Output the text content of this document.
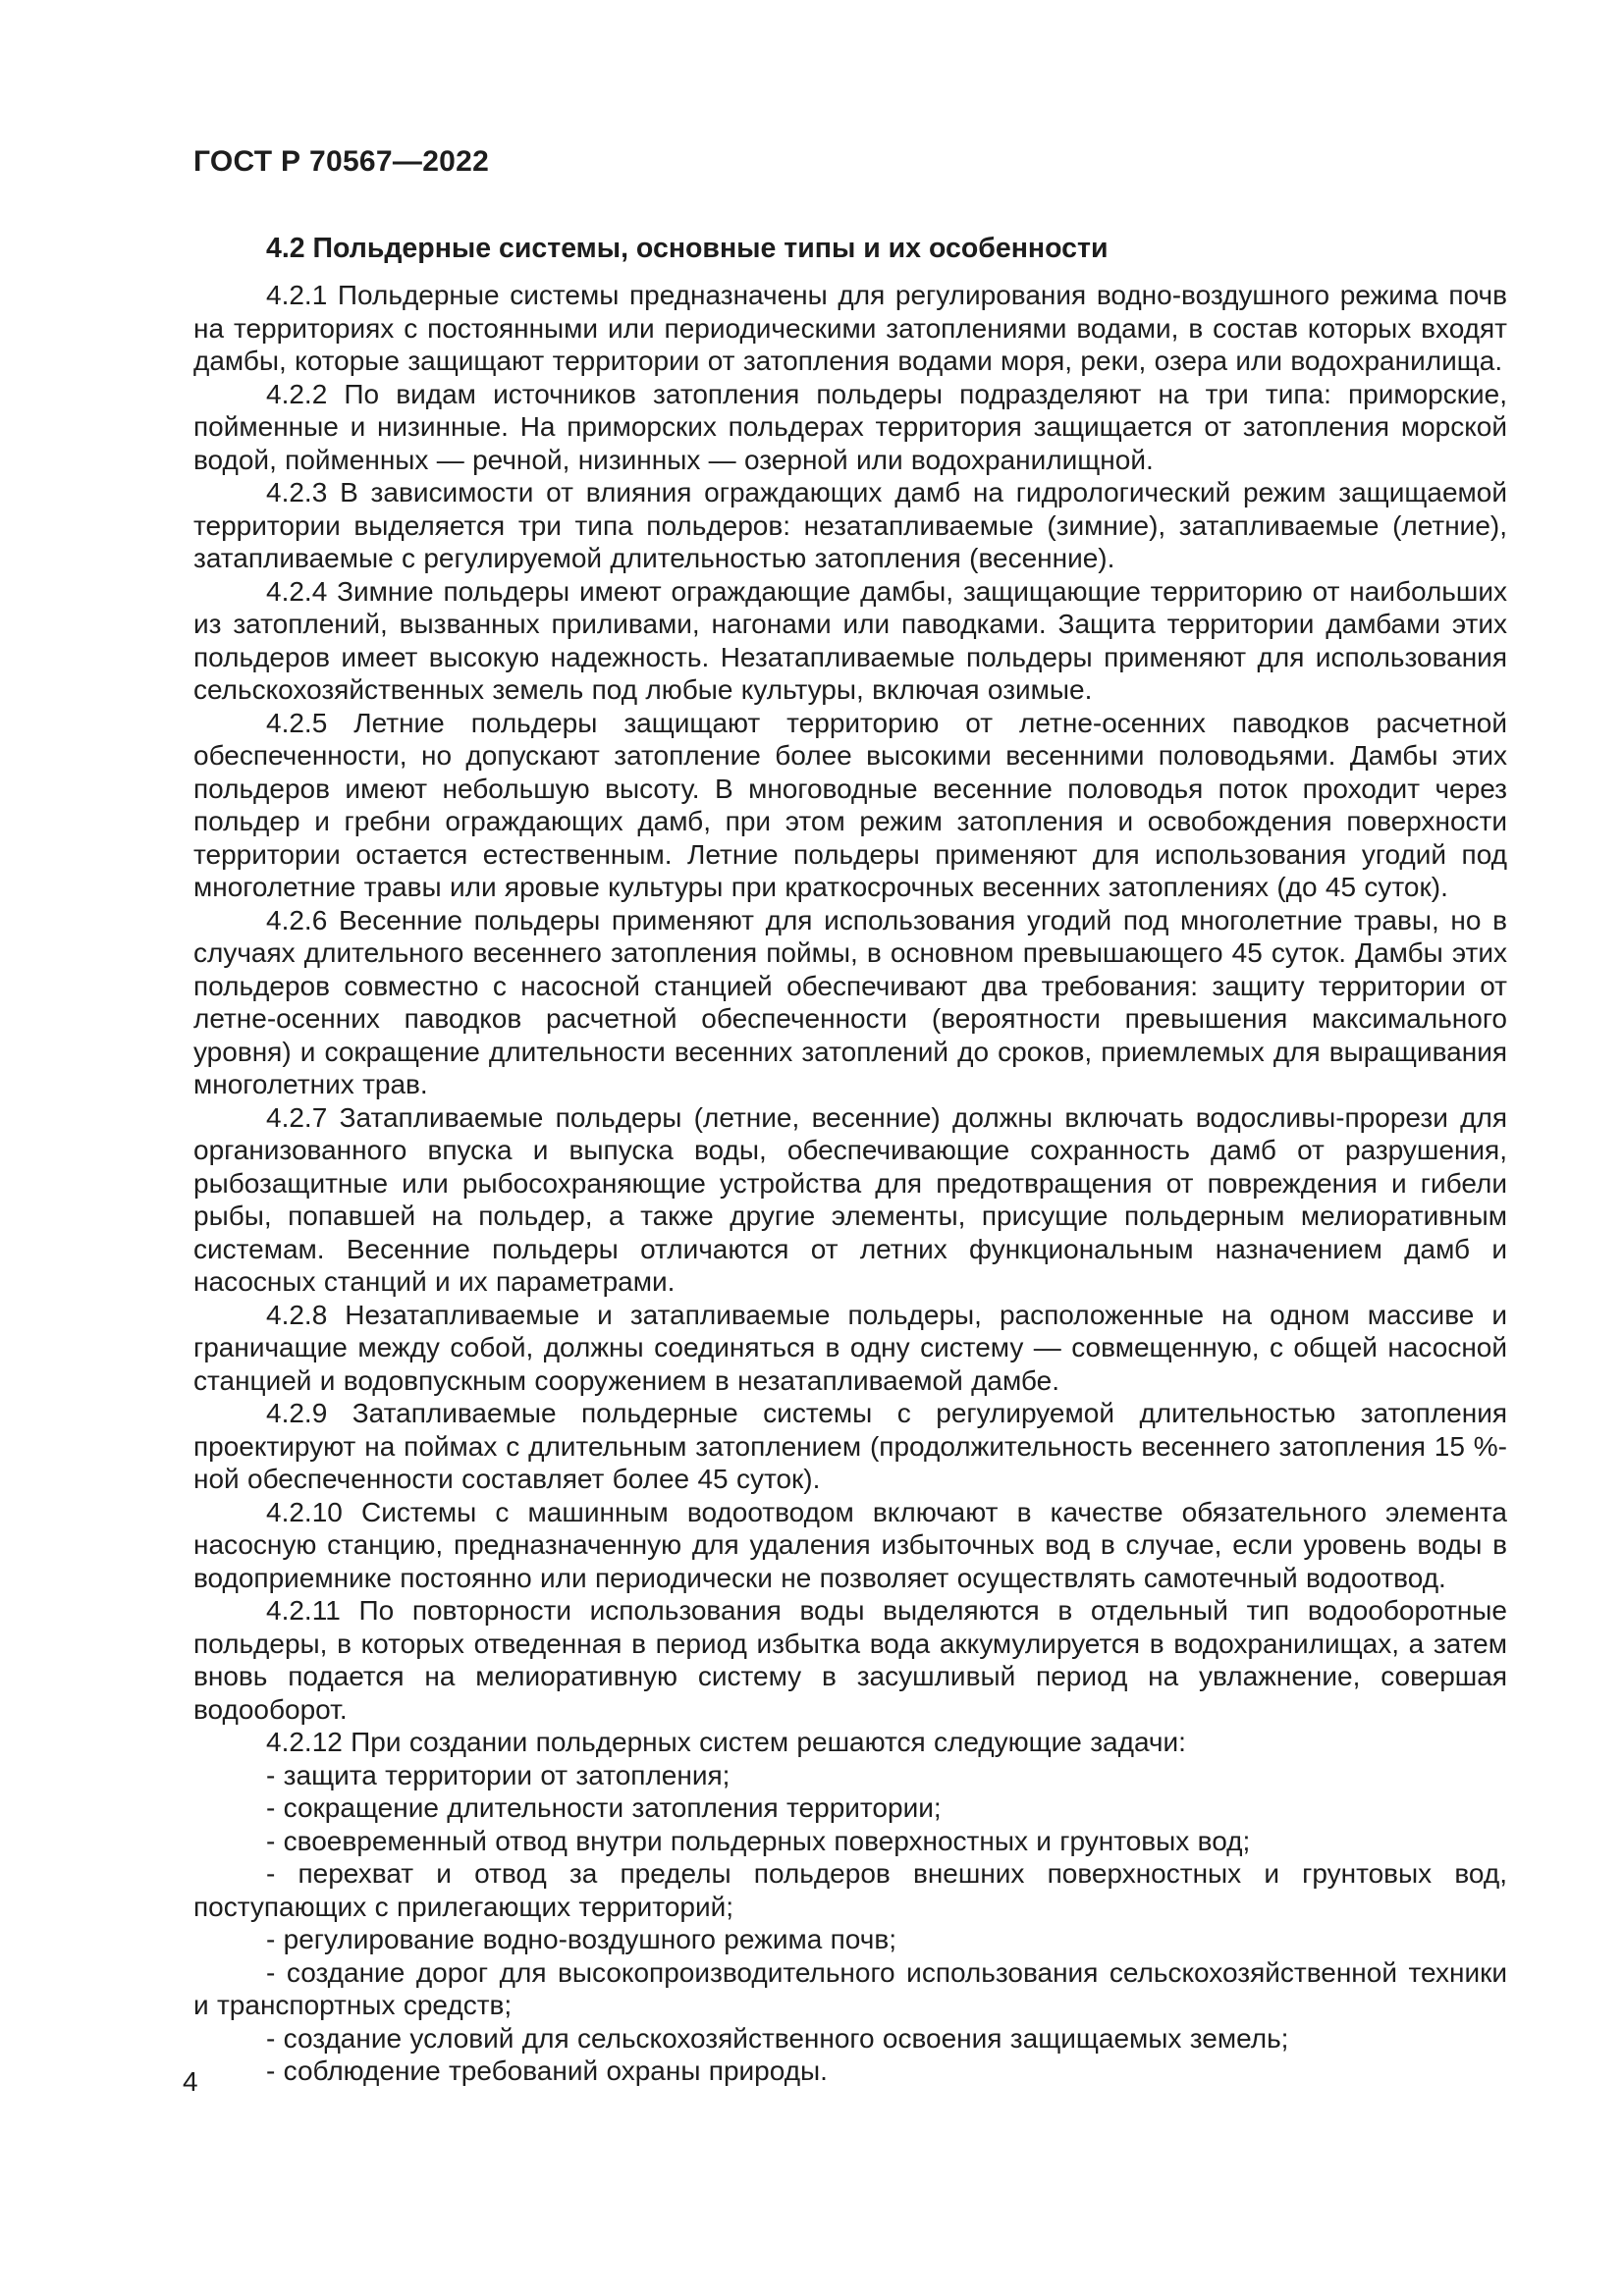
ГОСТ Р 70567—2022
4.2 Польдерные системы, основные типы и их особенности

4.2.1 Польдерные системы предназначены для регулирования водно-воздушного режима почв на территориях с постоянными или периодическими затоплениями водами, в состав которых входят дамбы, которые защищают территории от затопления водами моря, реки, озера или водохранилища.

4.2.2 По видам источников затопления польдеры подразделяют на три типа: приморские, пойменные и низинные. На приморских польдерах территория защищается от затопления морской водой, пойменных — речной, низинных — озерной или водохранилищной.

4.2.3 В зависимости от влияния ограждающих дамб на гидрологический режим защищаемой территории выделяется три типа польдеров: незатапливаемые (зимние), затапливаемые (летние), затапливаемые с регулируемой длительностью затопления (весенние).

4.2.4 Зимние польдеры имеют ограждающие дамбы, защищающие территорию от наибольших из затоплений, вызванных приливами, нагонами или паводками. Защита территории дамбами этих польдеров имеет высокую надежность. Незатапливаемые польдеры применяют для использования сельскохозяйственных земель под любые культуры, включая озимые.

4.2.5 Летние польдеры защищают территорию от летне-осенних паводков расчетной обеспеченности, но допускают затопление более высокими весенними половодьями. Дамбы этих польдеров имеют небольшую высоту. В многоводные весенние половодья поток проходит через польдер и гребни ограждающих дамб, при этом режим затопления и освобождения поверхности территории остается естественным. Летние польдеры применяют для использования угодий под многолетние травы или яровые культуры при краткосрочных весенних затоплениях (до 45 суток).

4.2.6 Весенние польдеры применяют для использования угодий под многолетние травы, но в случаях длительного весеннего затопления поймы, в основном превышающего 45 суток. Дамбы этих польдеров совместно с насосной станцией обеспечивают два требования: защиту территории от летне-осенних паводков расчетной обеспеченности (вероятности превышения максимального уровня) и сокращение длительности весенних затоплений до сроков, приемлемых для выращивания многолетних трав.

4.2.7 Затапливаемые польдеры (летние, весенние) должны включать водосливы-прорези для организованного впуска и выпуска воды, обеспечивающие сохранность дамб от разрушения, рыбозащитные или рыбосохраняющие устройства для предотвращения от повреждения и гибели рыбы, попавшей на польдер, а также другие элементы, присущие польдерным мелиоративным системам. Весенние польдеры отличаются от летних функциональным назначением дамб и насосных станций и их параметрами.

4.2.8 Незатапливаемые и затапливаемые польдеры, расположенные на одном массиве и граничащие между собой, должны соединяться в одну систему — совмещенную, с общей насосной станцией и водовпускным сооружением в незатапливаемой дамбе.

4.2.9 Затапливаемые польдерные системы с регулируемой длительностью затопления проектируют на поймах с длительным затоплением (продолжительность весеннего затопления 15 %-ной обеспеченности составляет более 45 суток).

4.2.10 Системы с машинным водоотводом включают в качестве обязательного элемента насосную станцию, предназначенную для удаления избыточных вод в случае, если уровень воды в водоприемнике постоянно или периодически не позволяет осуществлять самотечный водоотвод.

4.2.11 По повторности использования воды выделяются в отдельный тип водооборотные польдеры, в которых отведенная в период избытка вода аккумулируется в водохранилищах, а затем вновь подается на мелиоративную систему в засушливый период на увлажнение, совершая водооборот.

4.2.12 При создании польдерных систем решаются следующие задачи:

- защита территории от затопления;

- сокращение длительности затопления территории;

- своевременный отвод внутри польдерных поверхностных и грунтовых вод;

- перехват и отвод за пределы польдеров внешних поверхностных и грунтовых вод, поступающих с прилегающих территорий;

- регулирование водно-воздушного режима почв;

- создание дорог для высокопроизводительного использования сельскохозяйственной техники и транспортных средств;

- создание условий для сельскохозяйственного освоения защищаемых земель;

- соблюдение требований охраны природы.

4
